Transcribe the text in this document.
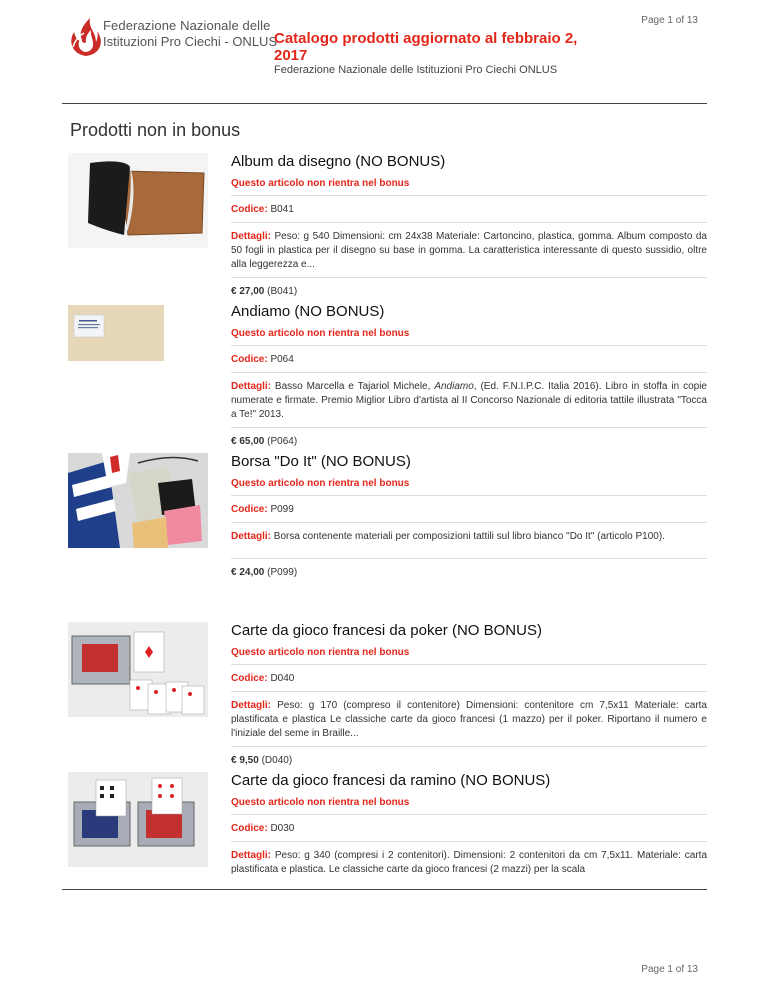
Federazione Nazionale delle
Istituzioni Pro Ciechi - ONLUS
Page 1 of 13
Catalogo prodotti aggiornato al febbraio 2, 2017
Federazione Nazionale delle Istituzioni Pro Ciechi ONLUS
Prodotti non in bonus
Album da disegno (NO BONUS)
Questo articolo non rientra nel bonus
Codice: B041
Dettagli: Peso: g 540 Dimensioni: cm 24x38 Materiale: Cartoncino, plastica, gomma. Album composto da 50 fogli in plastica per il disegno su base in gomma. La caratteristica interessante di questo sussidio, oltre alla leggerezza e...
€ 27,00 (B041)
Andiamo (NO BONUS)
Questo articolo non rientra nel bonus
Codice: P064
Dettagli: Basso Marcella e Tajariol Michele, Andiamo, (Ed. F.N.I.P.C. Italia 2016). Libro in stoffa in copie numerate e firmate. Premio Miglior Libro d'artista al II Concorso Nazionale di editoria tattile illustrata "Tocca a Te!" 2013.
€ 65,00 (P064)
Borsa "Do It" (NO BONUS)
Questo articolo non rientra nel bonus
Codice: P099
Dettagli: Borsa contenente materiali per composizioni tattili sul libro bianco "Do It" (articolo P100).
€ 24,00 (P099)
Carte da gioco francesi da poker (NO BONUS)
Questo articolo non rientra nel bonus
Codice: D040
Dettagli: Peso: g 170 (compreso il contenitore) Dimensioni: contenitore cm 7,5x11 Materiale: carta plastificata e plastica Le classiche carte da gioco francesi (1 mazzo) per il poker. Riportano il numero e l'iniziale del seme in Braille...
€ 9,50 (D040)
Carte da gioco francesi da ramino (NO BONUS)
Questo articolo non rientra nel bonus
Codice: D030
Dettagli: Peso: g 340 (compresi i 2 contenitori). Dimensioni: 2 contenitori da cm 7,5x11. Materiale: carta plastificata e plastica. Le classiche carte da gioco francesi (2 mazzi) per la scala
Page 1 of 13
